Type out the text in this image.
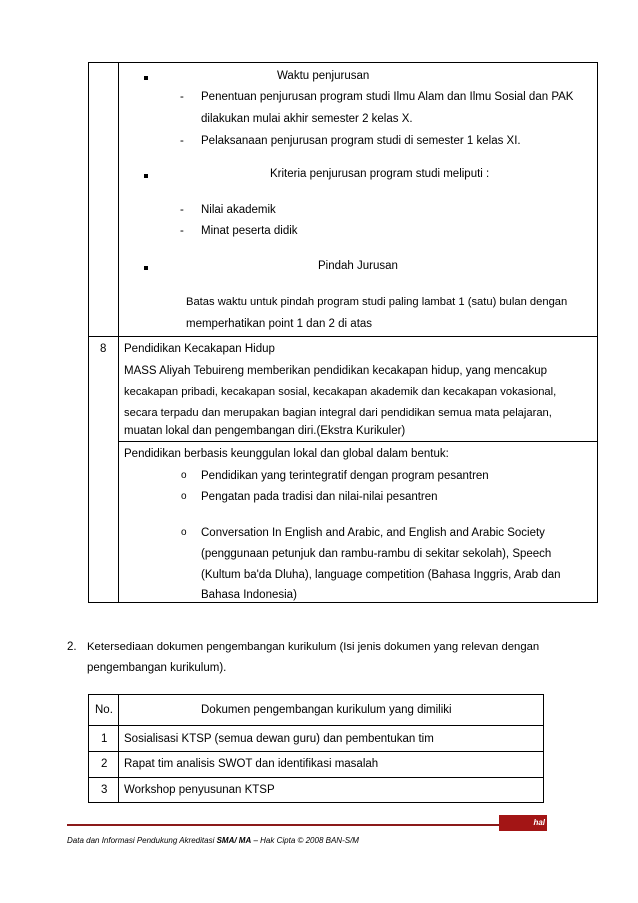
Waktu penjurusan
- Penentuan penjurusan program studi Ilmu Alam dan Ilmu Sosial dan PAK
dilakukan mulai akhir semester 2 kelas X.
- Pelaksanaan penjurusan program studi di semester 1 kelas XI.
Kriteria penjurusan program studi meliputi :
- Nilai akademik
- Minat peserta didik
Pindah Jurusan
Batas waktu untuk pindah program studi paling lambat 1 (satu) bulan dengan
memperhatikan point 1 dan 2 di atas
8 Pendidikan Kecakapan Hidup
MASS Aliyah Tebuireng memberikan pendidikan kecakapan hidup, yang mencakup
kecakapan pribadi, kecakapan sosial, kecakapan akademik dan kecakapan vokasional,
secara terpadu dan merupakan bagian integral dari pendidikan semua mata pelajaran,
muatan lokal dan pengembangan diri.(Ekstra Kurikuler)
Pendidikan berbasis keunggulan lokal dan global dalam bentuk:
o Pendidikan yang terintegratif dengan program pesantren
o Pengatan pada tradisi dan nilai-nilai pesantren
o Conversation In English and Arabic, and English and Arabic Society
(penggunaan petunjuk dan rambu-rambu di sekitar sekolah), Speech
(Kultum ba'da Dluha), language competition (Bahasa Inggris, Arab dan
Bahasa Indonesia)
2. Ketersediaan dokumen pengembangan kurikulum (Isi jenis dokumen yang relevan dengan
pengembangan kurikulum).
No.	Dokumen pengembangan kurikulum yang dimiliki
1 Sosialisasi KTSP (semua dewan guru) dan pembentukan tim
2 Rapat tim analisis SWOT dan identifikasi masalah
3 Workshop penyusunan KTSP
hal
Data dan Informasi Pendukung Akreditasi SMA/ MA – Hak Cipta © 2008 BAN-S/M
